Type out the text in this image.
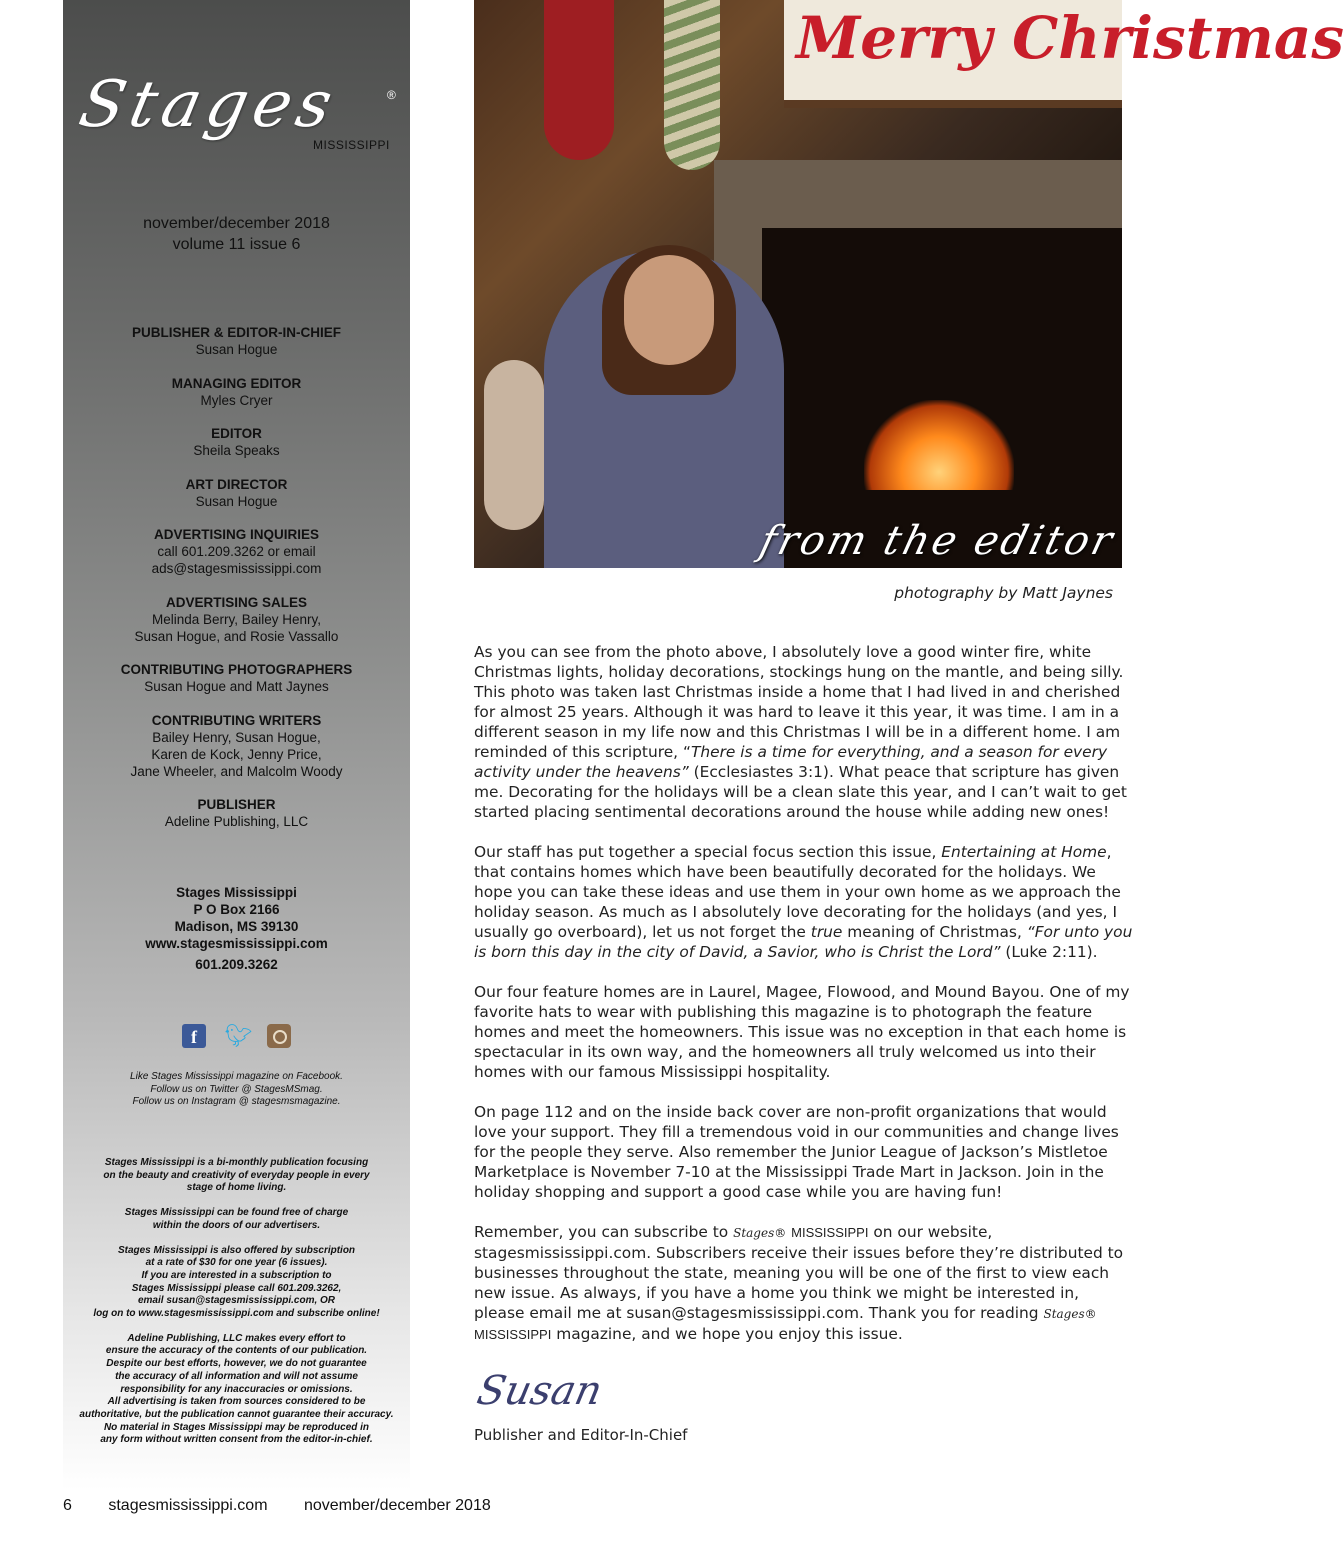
Stages	®
MISSISSIPPI
november/december 2018
volume 11 issue 6
PUBLISHER & EDITOR-IN-CHIEF
Susan Hogue
MANAGING EDITOR
Myles Cryer
EDITOR
Sheila Speaks
ART DIRECTOR
Susan Hogue
ADVERTISING INQUIRIES
call 601.209.3262 or email
ads@stagesmississippi.com
ADVERTISING SALES
Melinda Berry, Bailey Henry,
Susan Hogue, and Rosie Vassallo
CONTRIBUTING PHOTOGRAPHERS
Susan Hogue and Matt Jaynes
CONTRIBUTING WRITERS
Bailey Henry, Susan Hogue,
Karen de Kock, Jenny Price,
Jane Wheeler, and Malcolm Woody
PUBLISHER
Adeline Publishing, LLC
Stages Mississippi
P O Box 2166
Madison, MS 39130
www.stagesmississippi.com
601.209.3262
f 🐦︎
Like Stages Mississippi magazine on Facebook.
Follow us on Twitter @ StagesMSmag.
Follow us on Instagram @ stagesmsmagazine.

Stages Mississippi is a bi-monthly publication focusing
on the beauty and creativity of everyday people in every
stage of home living.

Stages Mississippi can be found free of charge
within the doors of our advertisers.

Stages Mississippi is also offered by subscription
at a rate of $30 for one year (6 issues).
If you are interested in a subscription to
Stages Mississippi please call 601.209.3262,
email susan@stagesmississippi.com, OR
log on to www.stagesmississippi.com and subscribe online!

Adeline Publishing, LLC makes every effort to
ensure the accuracy of the contents of our publication.
Despite our best efforts, however, we do not guarantee
the accuracy of all information and will not assume
responsibility for any inaccuracies or omissions.
All advertising is taken from sources considered to be
authoritative, but the publication cannot guarantee their accuracy.
No material in Stages Mississippi may be reproduced in
any form without written consent from the editor-in-chief.

6 stagesmississippi.com november/december 2018
Merry Christmas
from the editor
photography by Matt Jaynes

As you can see from the photo above, I absolutely love a good winter fire, white Christmas lights, holiday decorations, stockings hung on the mantle, and being silly. This photo was taken last Christmas inside a home that I had lived in and cherished for almost 25 years. Although it was hard to leave it this year, it was time. I am in a different season in my life now and this Christmas I will be in a different home. I am reminded of this scripture, “There is a time for everything, and a season for every activity under the heavens” (Ecclesiastes 3:1). What peace that scripture has given me. Decorating for the holidays will be a clean slate this year, and I can’t wait to get started placing sentimental decorations around the house while adding new ones!

Our staff has put together a special focus section this issue, Entertaining at Home, that contains homes which have been beautifully decorated for the holidays. We hope you can take these ideas and use them in your own home as we approach the holiday season. As much as I absolutely love decorating for the holidays (and yes, I usually go overboard), let us not forget the true meaning of Christmas, “For unto you is born this day in the city of David, a Savior, who is Christ the Lord” (Luke 2:11).

Our four feature homes are in Laurel, Magee, Flowood, and Mound Bayou. One of my favorite hats to wear with publishing this magazine is to photograph the feature homes and meet the homeowners. This issue was no exception in that each home is spectacular in its own way, and the homeowners all truly welcomed us into their homes with our famous Mississippi hospitality.

On page 112 and on the inside back cover are non-profit organizations that would love your support. They fill a tremendous void in our communities and change lives for the people they serve. Also remember the Junior League of Jackson’s Mistletoe Marketplace is November 7-10 at the Mississippi Trade Mart in Jackson. Join in the holiday shopping and support a good case while you are having fun!

Remember, you can subscribe to Stages® MISSISSIPPI on our website, stagesmississippi.com. Subscribers receive their issues before they’re distributed to businesses throughout the state, meaning you will be one of the first to view each new issue. As always, if you have a home you think we might be interested in, please email me at susan@stagesmississippi.com. Thank you for reading Stages® MISSISSIPPI magazine, and we hope you enjoy this issue.

Susan
Publisher and Editor-In-Chief
